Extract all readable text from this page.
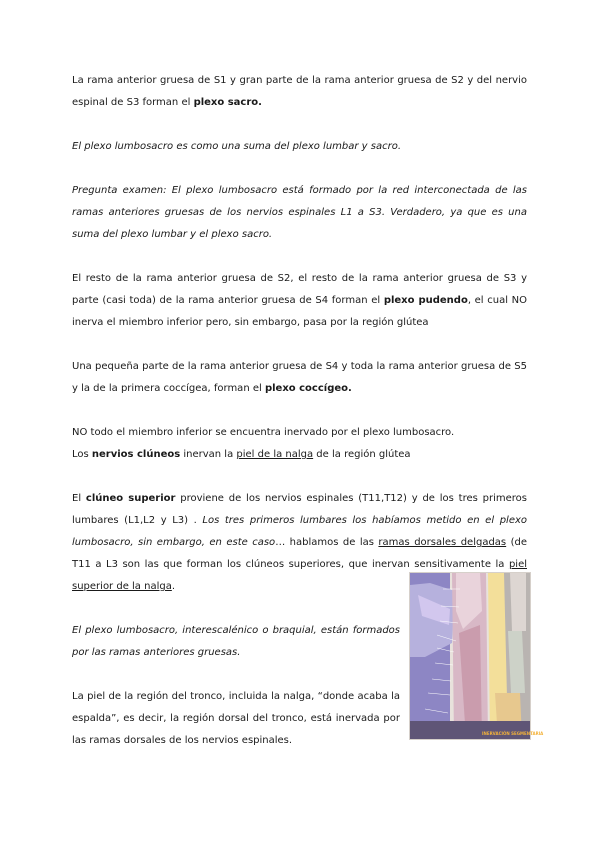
La rama anterior gruesa de S1 y gran parte de la rama anterior gruesa de S2 y del nervio espinal de S3 forman el plexo sacro.

El plexo lumbosacro es como una suma del plexo lumbar y sacro.

Pregunta examen: El plexo lumbosacro está formado por la red interconectada de las ramas anteriores gruesas de los nervios espinales L1 a S3. Verdadero, ya que es una suma del plexo lumbar y el plexo sacro.

El resto de la rama anterior gruesa de S2, el resto de la rama anterior gruesa de S3 y parte (casi toda) de la rama anterior gruesa de S4 forman el plexo pudendo, el cual NO inerva el miembro inferior pero, sin embargo, pasa por la región glútea

Una pequeña parte de la rama anterior gruesa de S4 y toda la rama anterior gruesa de S5 y la de la primera coccígea, forman el plexo coccígeo.

NO todo el miembro inferior se encuentra inervado por el plexo lumbosacro.
Los nervios clúneos inervan la piel de la nalga de la región glútea

El clúneo superior proviene de los nervios espinales (T11,T12) y de los tres primeros lumbares (L1,L2 y L3) . Los tres primeros lumbares los habíamos metido en el plexo lumbosacro, sin embargo, en este caso… hablamos de las ramas dorsales delgadas (de T11 a L3 son las que forman los clúneos superiores, que inervan sensitivamente la piel superior de la nalga.

El plexo lumbosacro, interescalénico o braquial, están formados por las ramas anteriores gruesas.

La piel de la región del tronco, incluida la nalga, “donde acaba la espalda”, es decir, la región dorsal del tronco, está inervada por las ramas dorsales de los nervios espinales.

INERVACIÓN SEGMENTARIA
